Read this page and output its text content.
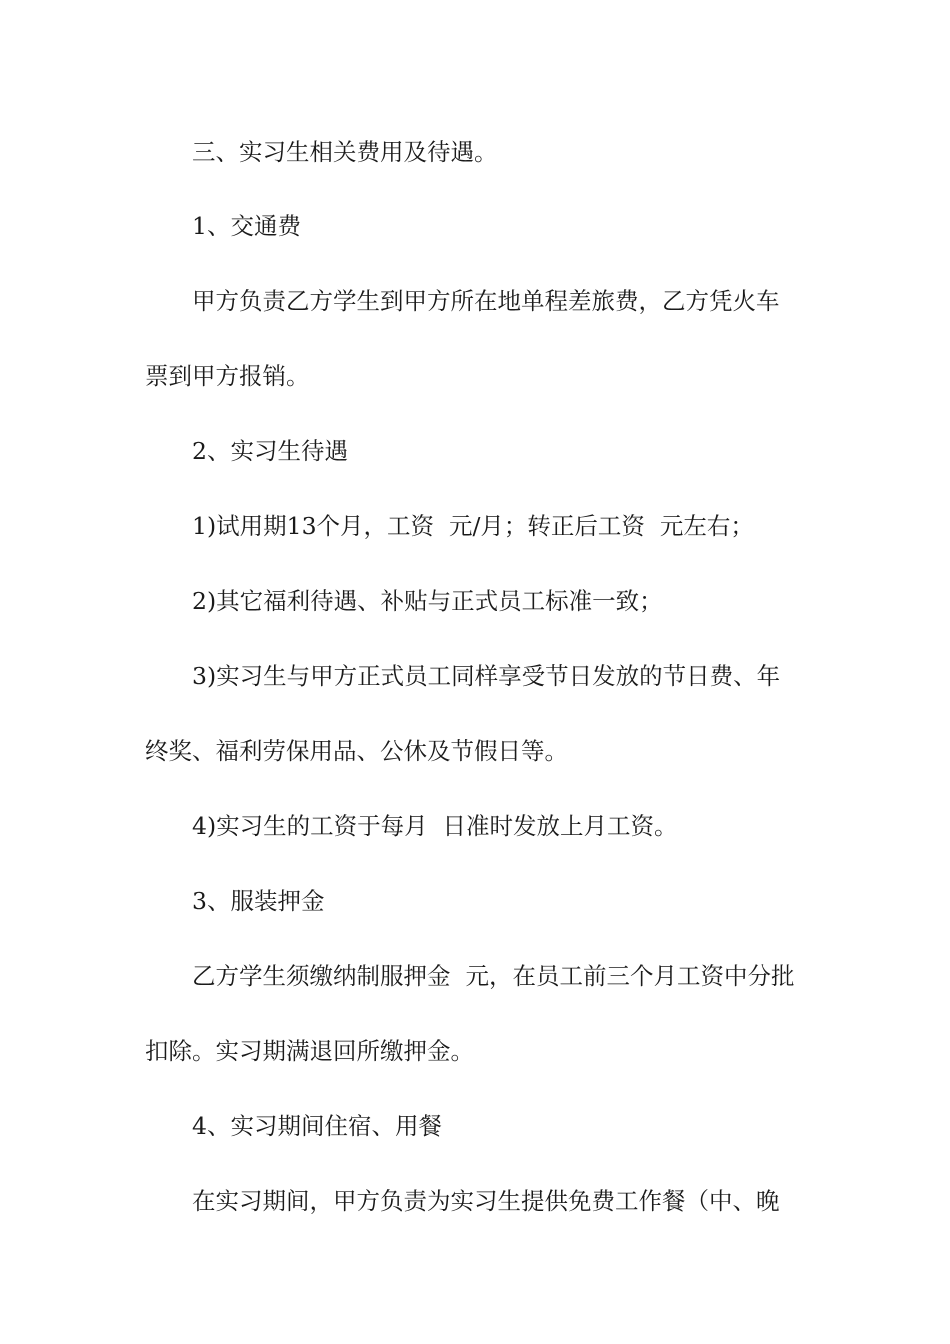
三、实习生相关费用及待遇。
1、交通费
甲方负责乙方学生到甲方所在地单程差旅费，乙方凭火车
票到甲方报销。
2、实习生待遇
1)试用期13个月，工资  元/月；转正后工资  元左右；
2)其它福利待遇、补贴与正式员工标准一致；
3)实习生与甲方正式员工同样享受节日发放的节日费、年
终奖、福利劳保用品、公休及节假日等。
4)实习生的工资于每月  日准时发放上月工资。
3、服装押金
乙方学生须缴纳制服押金  元，在员工前三个月工资中分批
扣除。实习期满退回所缴押金。
4、实习期间住宿、用餐
在实习期间，甲方负责为实习生提供免费工作餐（中、晚
